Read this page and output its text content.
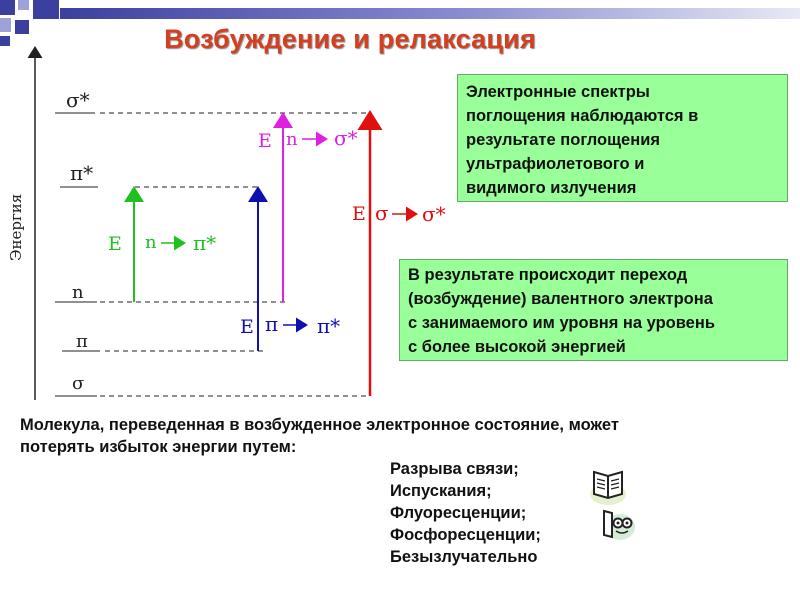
Возбуждение и релаксация
σ*
π*
n
π
σ
E n σ*
E σ σ*
E n π*
E π π*
Энергия
Электронные спектры
поглощения наблюдаются в
результате поглощения
ультрафиолетового и
видимого излучения
В результате происходит переход
(возбуждение) валентного электрона
с занимаемого им уровня на уровень
с более высокой энергией
Молекула, переведенная в возбужденное электронное состояние, может
потерять избыток энергии путем:
Разрыва связи;
Испускания;
Флуоресценции;
Фосфоресценции;
Безызлучательно
